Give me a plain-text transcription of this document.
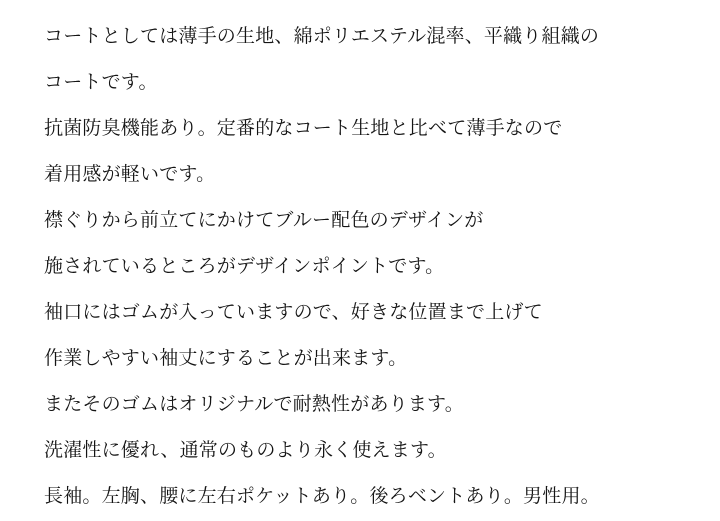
コートとしては薄手の生地、綿ポリエステル混率、平織り組織の
コートです。
抗菌防臭機能あり。定番的なコート生地と比べて薄手なので
着用感が軽いです。
襟ぐりから前立てにかけてブルー配色のデザインが
施されているところがデザインポイントです。
袖口にはゴムが入っていますので、好きな位置まで上げて
作業しやすい袖丈にすることが出来ます。
またそのゴムはオリジナルで耐熱性があります。
洗濯性に優れ、通常のものより永く使えます。
長袖。左胸、腰に左右ポケットあり。後ろベントあり。男性用。
